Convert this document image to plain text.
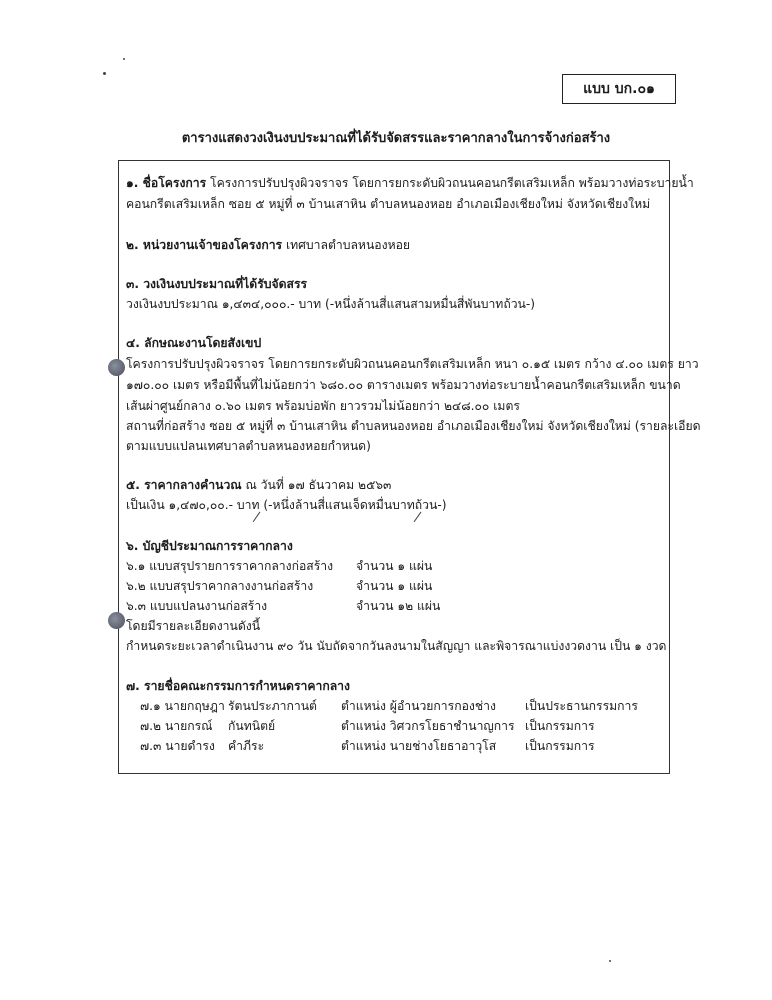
แบบ บก.๐๑
ตารางแสดงวงเงินงบประมาณที่ได้รับจัดสรรและราคากลางในการจ้างก่อสร้าง
๑. ชื่อโครงการ โครงการปรับปรุงผิวจราจร โดยการยกระดับผิวถนนคอนกรีตเสริมเหล็ก พร้อมวางท่อระบายน้ำ
คอนกรีตเสริมเหล็ก ซอย ๕ หมู่ที่ ๓ บ้านเสาหิน ตำบลหนองหอย อำเภอเมืองเชียงใหม่ จังหวัดเชียงใหม่
๒. หน่วยงานเจ้าของโครงการ เทศบาลตำบลหนองหอย
๓. วงเงินงบประมาณที่ได้รับจัดสรร
วงเงินงบประมาณ ๑,๔๓๔,๐๐๐.- บาท (-หนึ่งล้านสี่แสนสามหมื่นสี่พันบาทถ้วน-)
๔. ลักษณะงานโดยสังเขป
โครงการปรับปรุงผิวจราจร โดยการยกระดับผิวถนนคอนกรีตเสริมเหล็ก หนา ๐.๑๕ เมตร กว้าง ๔.๐๐ เมตร ยาว
๑๗๐.๐๐ เมตร หรือมีพื้นที่ไม่น้อยกว่า ๖๘๐.๐๐ ตารางเมตร พร้อมวางท่อระบายน้ำคอนกรีตเสริมเหล็ก ขนาด
เส้นผ่าศูนย์กลาง ๐.๖๐ เมตร พร้อมบ่อพัก ยาวรวมไม่น้อยกว่า ๒๔๘.๐๐ เมตร
สถานที่ก่อสร้าง ซอย ๕ หมู่ที่ ๓ บ้านเสาหิน ตำบลหนองหอย อำเภอเมืองเชียงใหม่ จังหวัดเชียงใหม่ (รายละเอียด
ตามแบบแปลนเทศบาลตำบลหนองหอยกำหนด)
๕. ราคากลางคำนวณ ณ วันที่ ๑๗ ธันวาคม ๒๕๖๓
เป็นเงิน ๑,๔๗๐,๐๐.- บาท (-หนึ่งล้านสี่แสนเจ็ดหมื่นบาทถ้วน-)
๖. บัญชีประมาณการราคากลาง
๖.๑ แบบสรุปรายการราคากลางก่อสร้าง จำนวน ๑ แผ่น
๖.๒ แบบสรุปราคากลางงานก่อสร้าง	จำนวน ๑ แผ่น
๖.๓ แบบแปลนงานก่อสร้าง	จำนวน ๑๒ แผ่น
โดยมีรายละเอียดงานดังนี้
กำหนดระยะเวลาดำเนินงาน ๙๐ วัน นับถัดจากวันลงนามในสัญญา และพิจารณาแบ่งงวดงาน เป็น ๑ งวด
๗. รายชื่อคณะกรรมการกำหนดราคากลาง
๗.๑ นายกฤษฎา รัตนประภากานต์ ตำแหน่ง ผู้อำนวยการกองช่าง เป็นประธานกรรมการ
๗.๒ นายกรณ์ กันทนิตย์	ตำแหน่ง วิศวกรโยธาชำนาญการ เป็นกรรมการ
๗.๓ นายดำรง คำภีระ	ตำแหน่ง นายช่างโยธาอาวุโส เป็นกรรมการ
